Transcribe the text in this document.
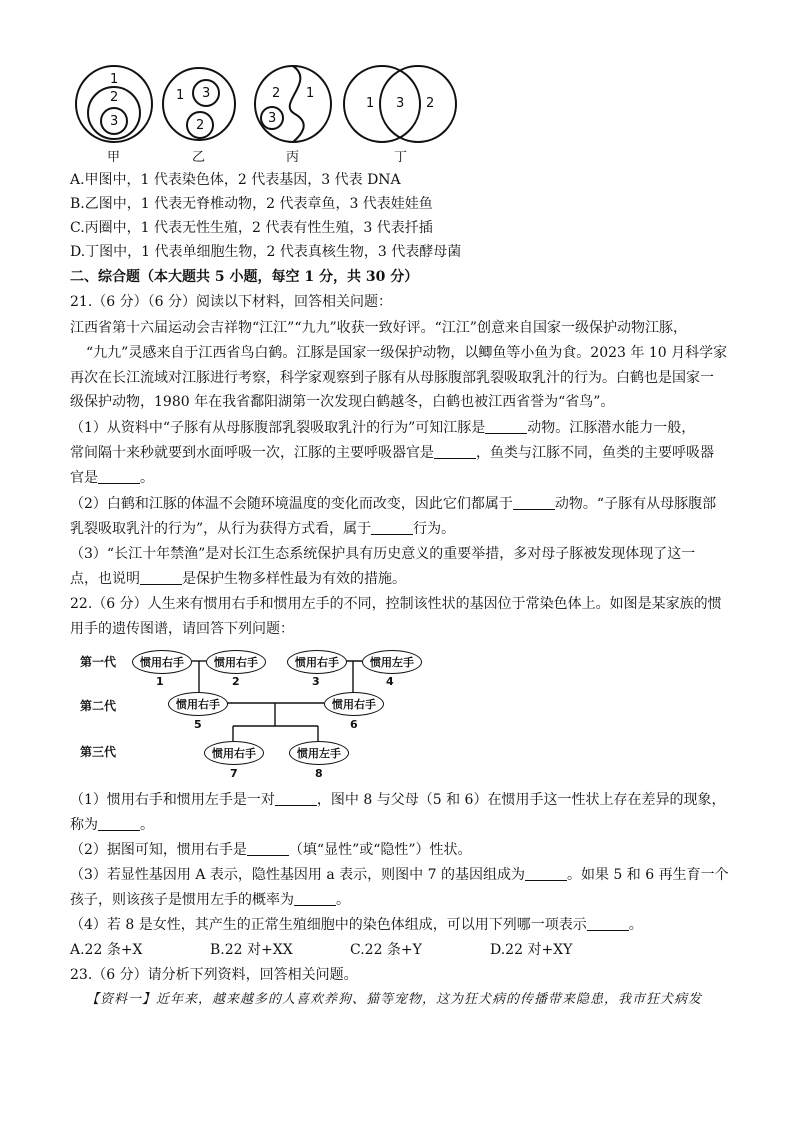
1
2
3
甲
1 3
2
乙
2 1
3
丙
1 3 2
丁
A.甲图中，1 代表染色体，2 代表基因，3 代表 DNA
B.乙图中，1 代表无脊椎动物，2 代表章鱼，3 代表娃娃鱼
C.丙圈中，1 代表无性生殖，2 代表有性生殖，3 代表扦插
D.丁图中，1 代表单细胞生物，2 代表真核生物，3 代表酵母菌
二、综合题（本大题共 5 小题，每空 1 分，共 30 分）
21.（6 分）（6 分）阅读以下材料，回答相关问题：
江西省第十六届运动会吉祥物“江江”“九九”收获一致好评。“江江”创意来自国家一级保护动物江豚，
“九九”灵感来自于江西省鸟白鹤。江豚是国家一级保护动物，以鲫鱼等小鱼为食。2023 年 10 月科学家
再次在长江流域对江豚进行考察，科学家观察到子豚有从母豚腹部乳裂吸取乳汁的行为。白鹤也是国家一
级保护动物，1980 年在我省鄱阳湖第一次发现白鹤越冬，白鹤也被江西省誉为“省鸟”。
（1）从资料中“子豚有从母豚腹部乳裂吸取乳汁的行为”可知江豚是	动物。江豚潜水能力一般，
常间隔十来秒就要到水面呼吸一次，江豚的主要呼吸器官是	，鱼类与江豚不同，鱼类的主要呼吸器
官是	。
（2）白鹤和江豚的体温不会随环境温度的变化而改变，因此它们都属于	动物。“子豚有从母豚腹部
乳裂吸取乳汁的行为”，从行为获得方式看，属于	行为。
（3）“长江十年禁渔”是对长江生态系统保护具有历史意义的重要举措，多对母子豚被发现体现了这一
点，也说明	是保护生物多样性最为有效的措施。
22.（6 分）人生来有惯用右手和惯用左手的不同，控制该性状的基因位于常染色体上。如图是某家族的惯
用手的遗传图谱，请回答下列问题：
第一代
第二代
第三代
惯用右手	惯用右手	惯用右手	惯用左手
惯用右手	惯用右手
惯用右手	惯用左手
1	2	3	4
5	6
7	8
（1）惯用右手和惯用左手是一对	，图中 8 与父母（5 和 6）在惯用手这一性状上存在差异的现象，
称为	。
（2）据图可知，惯用右手是	（填“显性”或“隐性”）性状。
（3）若显性基因用 A 表示，隐性基因用 a 表示，则图中 7 的基因组成为	。如果 5 和 6 再生育一个
孩子，则该孩子是惯用左手的概率为	。
（4）若 8 是女性，其产生的正常生殖细胞中的染色体组成，可以用下列哪一项表示	。
A.22 条+X	B.22 对+XX	C.22 条+Y	D.22 对+XY
23.（6 分）请分析下列资料，回答相关问题。
【资料一】近年来，越来越多的人喜欢养狗、猫等宠物，这为狂犬病的传播带来隐患，我市狂犬病发
